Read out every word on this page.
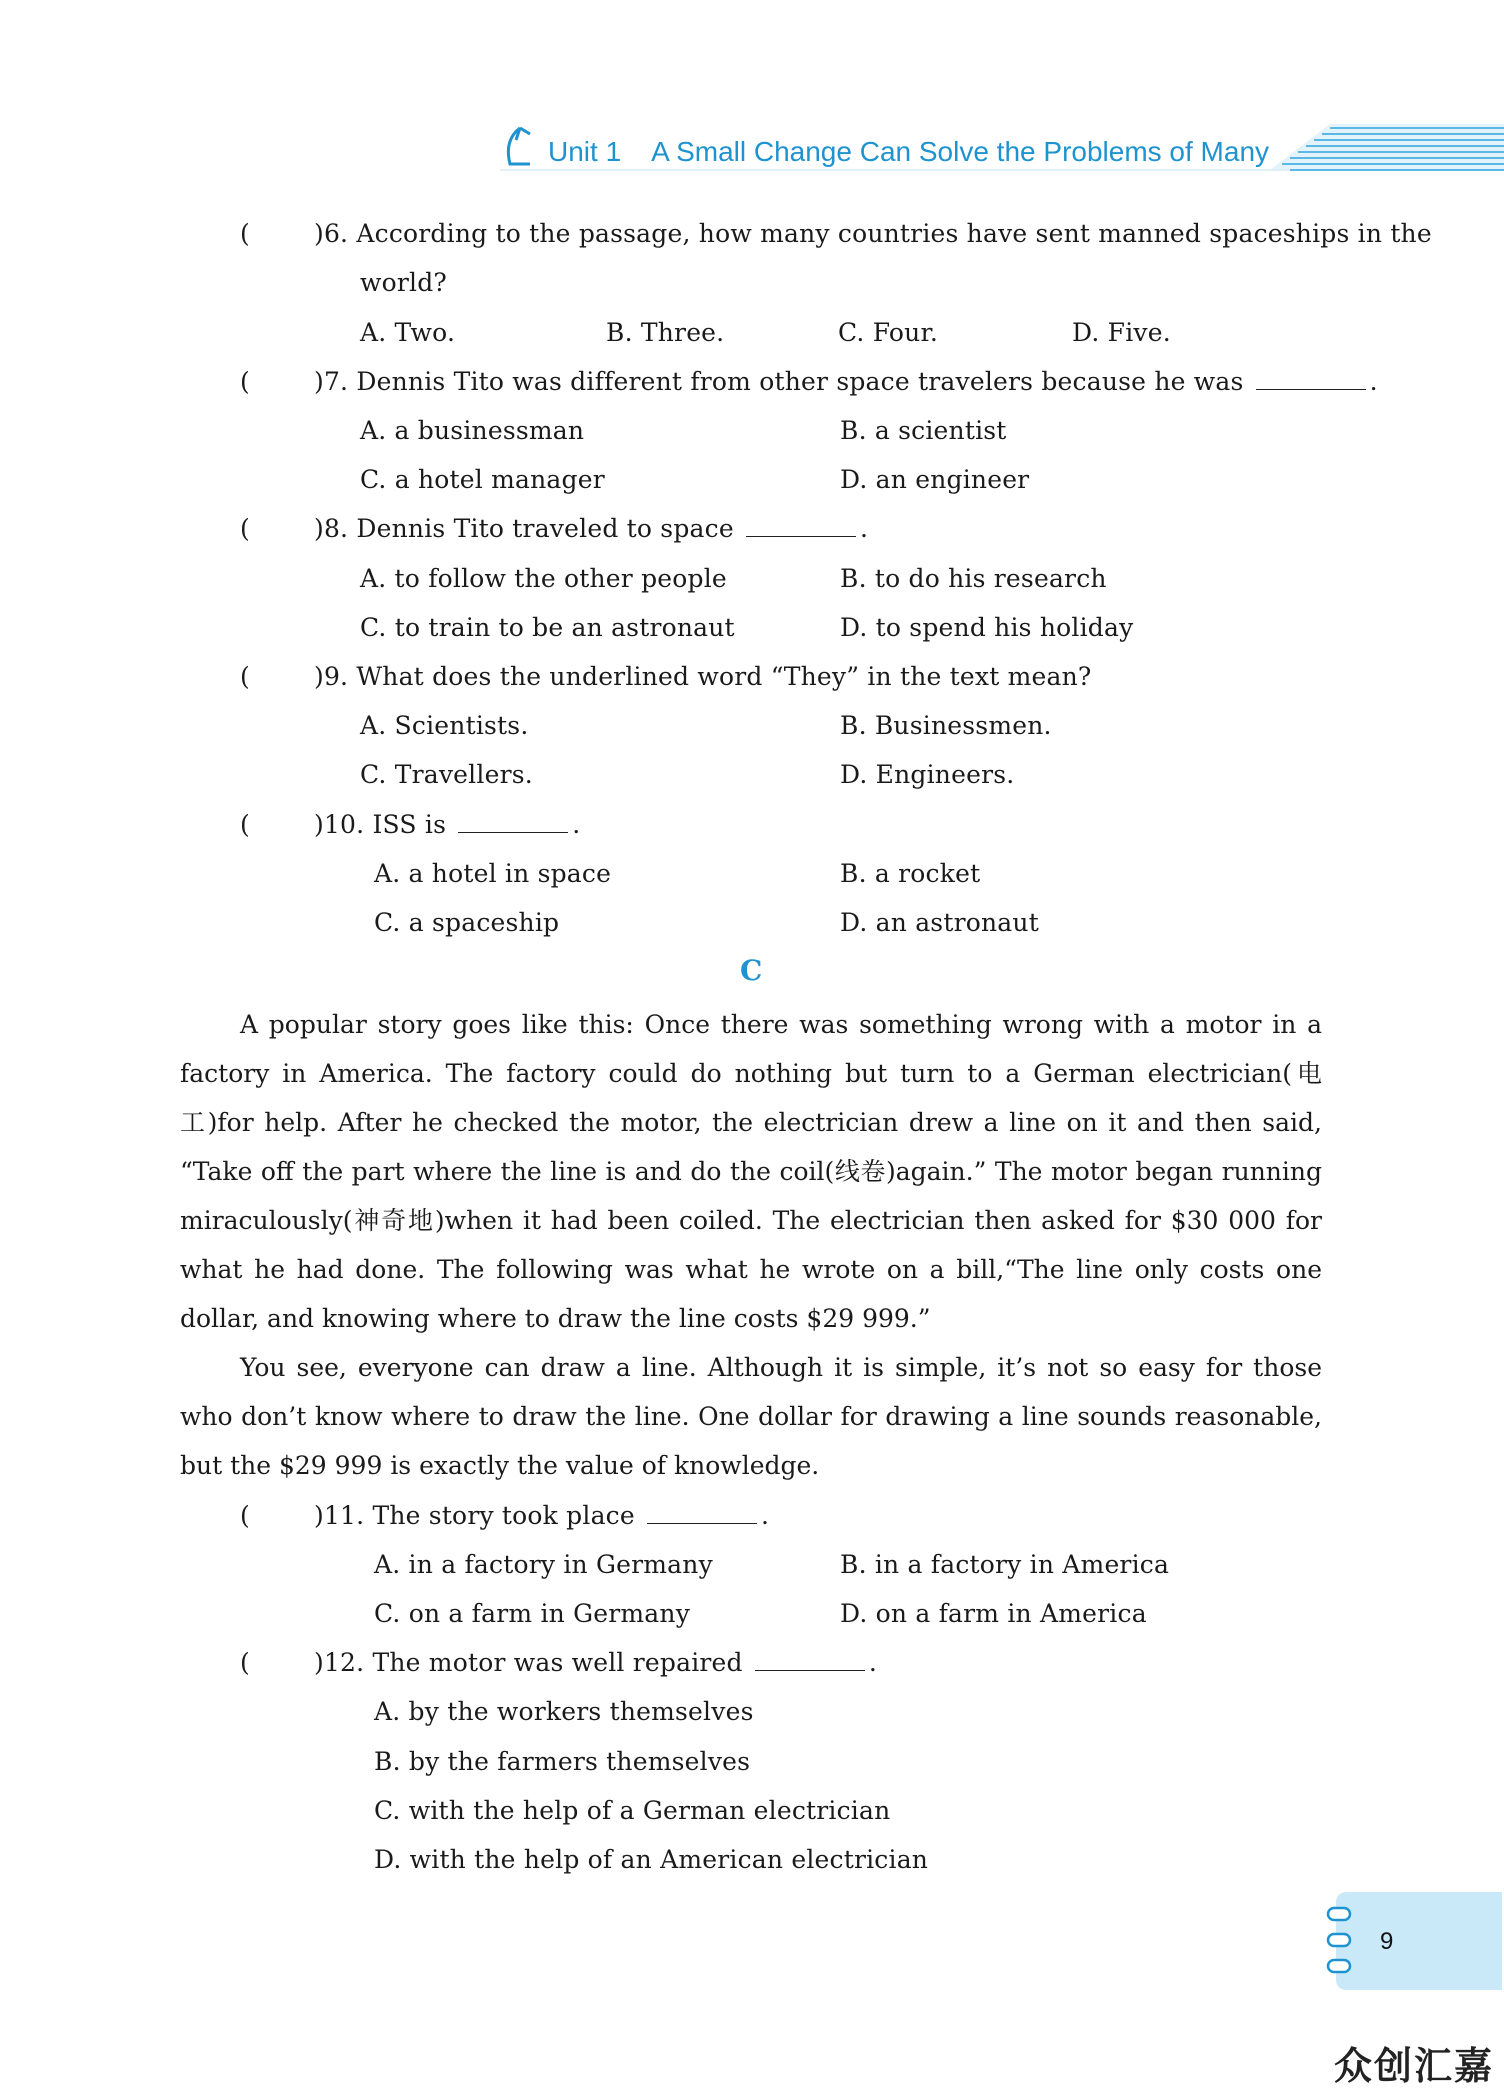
Unit 1 A Small Change Can Solve the Problems of Many
(	)6. According to the passage, how many countries have sent manned spaceships in the
world?
A. Two.	B. Three.	C. Four.	D. Five.
(	)7. Dennis Tito was different from other space travelers because he was	.
A. a businessman	B. a scientist
C. a hotel manager	D. an engineer
(	)8. Dennis Tito traveled to space	.
A. to follow the other people	B. to do his research
C. to train to be an astronaut	D. to spend his holiday
(	)9. What does the underlined word “They” in the text mean?
A. Scientists.	B. Businessmen.
C. Travellers.	D. Engineers.
(	)10. ISS is	.
A. a hotel in space	B. a rocket
C. a spaceship	D. an astronaut
C
A popular story goes like this: Once there was something wrong with a motor in a factory in America. The factory could do nothing but turn to a German electrician(电工)for help. After he checked the motor, the electrician drew a line on it and then said, “Take off the part where the line is and do the coil(线卷)again.” The motor began running miraculously(神奇地)when it had been coiled. The electrician then asked for $30 000 for what he had done. The following was what he wrote on a bill,“The line only costs one dollar, and knowing where to draw the line costs $29 999.”
You see, everyone can draw a line. Although it is simple, it’s not so easy for those who don’t know where to draw the line. One dollar for drawing a line sounds reasonable, but the $29 999 is exactly the value of knowledge.
(	)11. The story took place	.
A. in a factory in Germany	B. in a factory in America
C. on a farm in Germany	D. on a farm in America
(	)12. The motor was well repaired	.
A. by the workers themselves
B. by the farmers themselves
C. with the help of a German electrician
D. with the help of an American electrician
9
众创汇嘉
